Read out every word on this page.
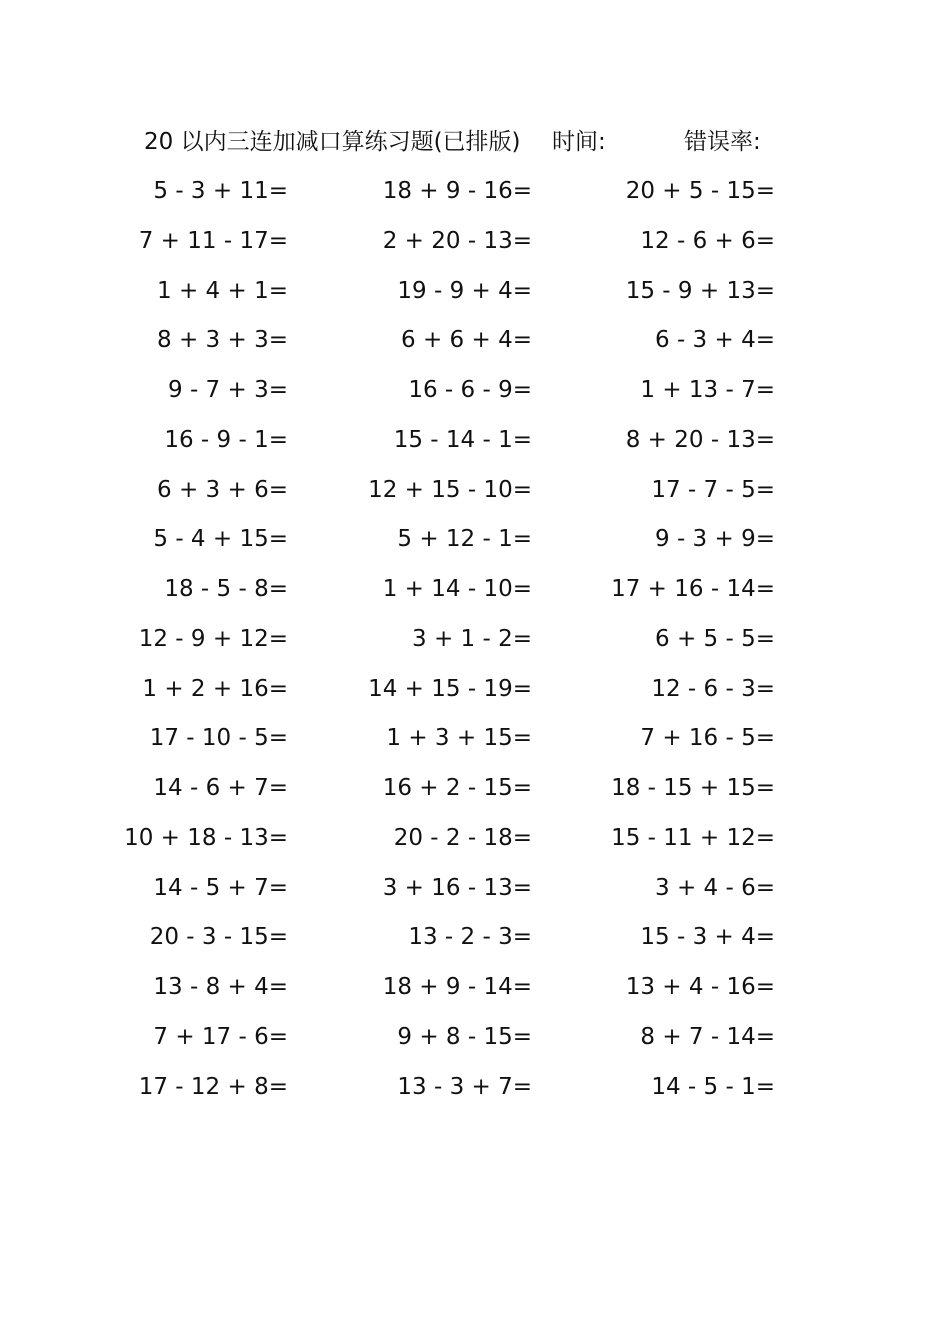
20 以内三连加减口算练习题(已排版) 时间:	错误率:
5 - 3 + 11=	18 + 9 - 16=	20 + 5 - 15=
7 + 11 - 17=	2 + 20 - 13=	12 - 6 + 6=
1 + 4 + 1=	19 - 9 + 4=	15 - 9 + 13=
8 + 3 + 3=	6 + 6 + 4=	6 - 3 + 4=
9 - 7 + 3=	16 - 6 - 9=	1 + 13 - 7=
16 - 9 - 1=	15 - 14 - 1=	8 + 20 - 13=
6 + 3 + 6=	12 + 15 - 10=	17 - 7 - 5=
5 - 4 + 15=	5 + 12 - 1=	9 - 3 + 9=
18 - 5 - 8=	1 + 14 - 10=	17 + 16 - 14=
12 - 9 + 12=	3 + 1 - 2=	6 + 5 - 5=
1 + 2 + 16=	14 + 15 - 19=	12 - 6 - 3=
17 - 10 - 5=	1 + 3 + 15=	7 + 16 - 5=
14 - 6 + 7=	16 + 2 - 15=	18 - 15 + 15=
10 + 18 - 13=	20 - 2 - 18=	15 - 11 + 12=
14 - 5 + 7=	3 + 16 - 13=	3 + 4 - 6=
20 - 3 - 15=	13 - 2 - 3=	15 - 3 + 4=
13 - 8 + 4=	18 + 9 - 14=	13 + 4 - 16=
7 + 17 - 6=	9 + 8 - 15=	8 + 7 - 14=
17 - 12 + 8=	13 - 3 + 7=	14 - 5 - 1=
